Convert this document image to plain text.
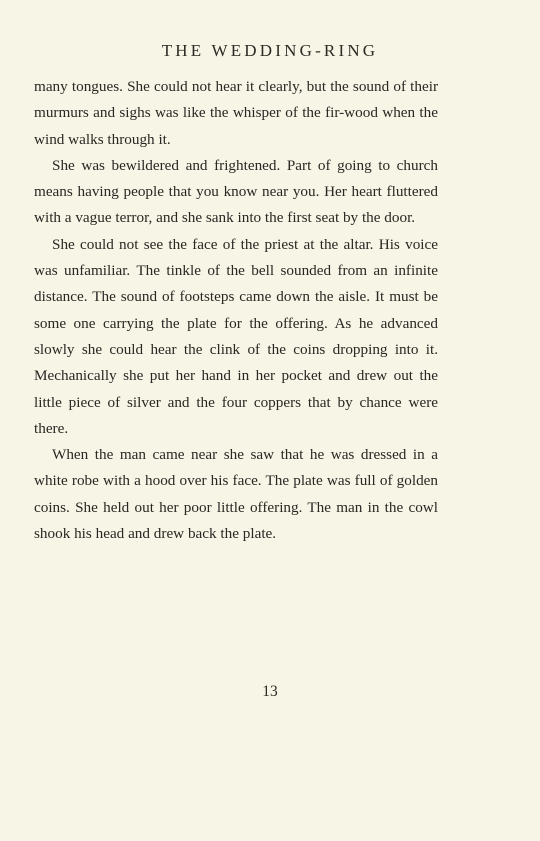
THE WEDDING-RING

many tongues. She could not hear it clearly, but the sound of their murmurs and sighs was like the whisper of the fir-wood when the wind walks through it.

She was bewildered and frightened. Part of going to church means having people that you know near you. Her heart fluttered with a vague terror, and she sank into the first seat by the door.

She could not see the face of the priest at the altar. His voice was unfamiliar. The tinkle of the bell sounded from an infinite distance. The sound of footsteps came down the aisle. It must be some one carrying the plate for the offering. As he advanced slowly she could hear the clink of the coins dropping into it. Mechanically she put her hand in her pocket and drew out the little piece of silver and the four coppers that by chance were there.

When the man came near she saw that he was dressed in a white robe with a hood over his face. The plate was full of golden coins. She held out her poor little offering. The man in the cowl shook his head and drew back the plate.

13
